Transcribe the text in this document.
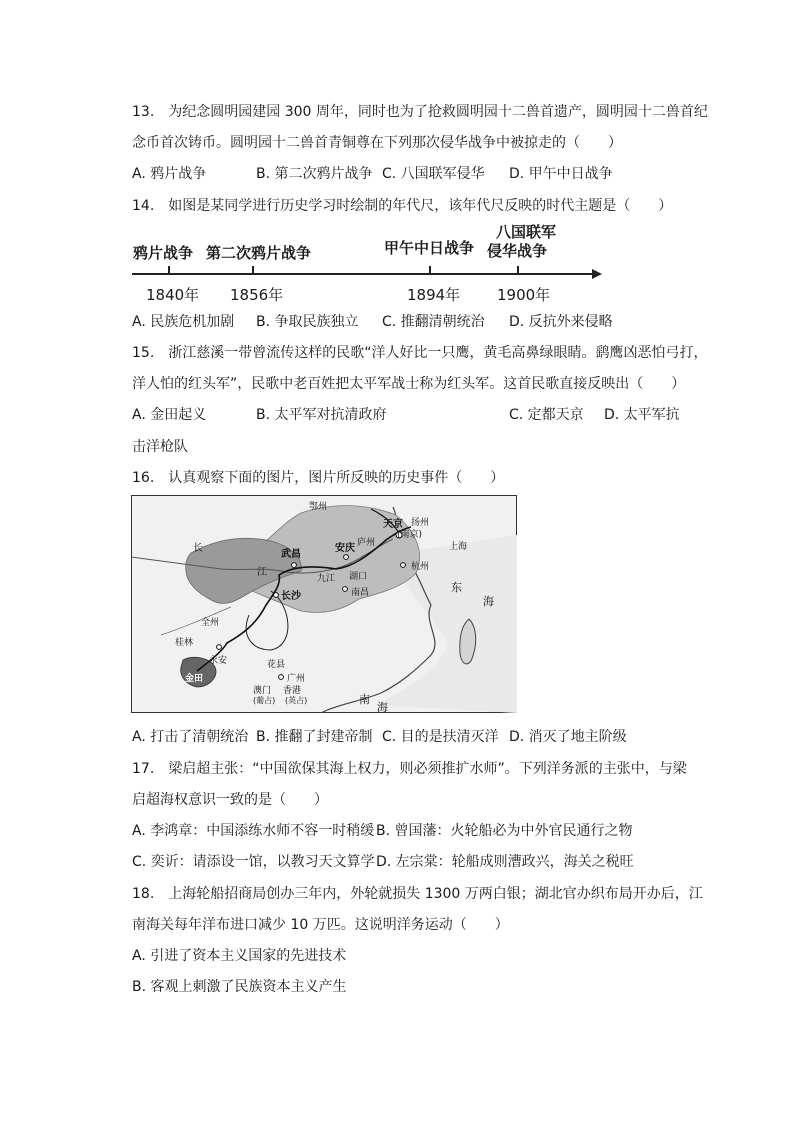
13.　为纪念圆明园建园 300 周年，同时也为了抢救圆明园十二兽首遗产，圆明园十二兽首纪
念币首次铸币。圆明园十二兽首青铜尊在下列那次侵华战争中被掠走的（　　）
A. 鸦片战争	B. 第二次鸦片战争 C. 八国联军侵华 D. 甲午中日战争
14.　如图是某同学进行历史学习时绘制的年代尺，该年代尺反映的时代主题是（　　）
鸦片战争 第二次鸦片战争	甲午中日战争
八国联军
侵华战争
1840年 1856年	1894年 1900年
A. 民族危机加剧 B. 争取民族独立 C. 推翻清朝统治 D. 反抗外来侵略
15.　浙江慈溪一带曾流传这样的民歌“洋人好比一只鹰，黄毛高鼻绿眼睛。鹞鹰凶恶怕弓打，
洋人怕的红头军”，民歌中老百姓把太平军战士称为红头军。这首民歌直接反映出（　　）
A. 金田起义	B. 太平军对抗清政府	C. 定都天京 D. 太平军抗
击洋枪队
16.　认真观察下面的图片，图片所反映的历史事件（　　）
鄂州
天京 扬州
(南京)
庐州
武昌
安庆	上海
九江 湖口
杭州
长沙	南昌
全州
桂林
永安
金田
花县
广州
澳门
(葡占)
香港
(英占)
东
海
南
海
长
江
A. 打击了清朝统治 B. 推翻了封建帝制 C. 目的是扶清灭洋 D. 消灭了地主阶级
17.　梁启超主张：“中国欲保其海上权力，则必须推扩水师”。下列洋务派的主张中，与梁
启超海权意识一致的是（　　）
A. 李鸿章：中国添练水师不容一时稍缓 B. 曾国藩：火轮船必为中外官民通行之物
C. 奕䜣：请添设一馆，以教习天文算学 D. 左宗棠：轮船成则漕政兴，海关之税旺
18.　上海轮船招商局创办三年内，外轮就损失 1300 万两白银；湖北官办织布局开办后，江
南海关每年洋布进口减少 10 万匹。这说明洋务运动（　　）
A. 引进了资本主义国家的先进技术
B. 客观上刺激了民族资本主义产生
